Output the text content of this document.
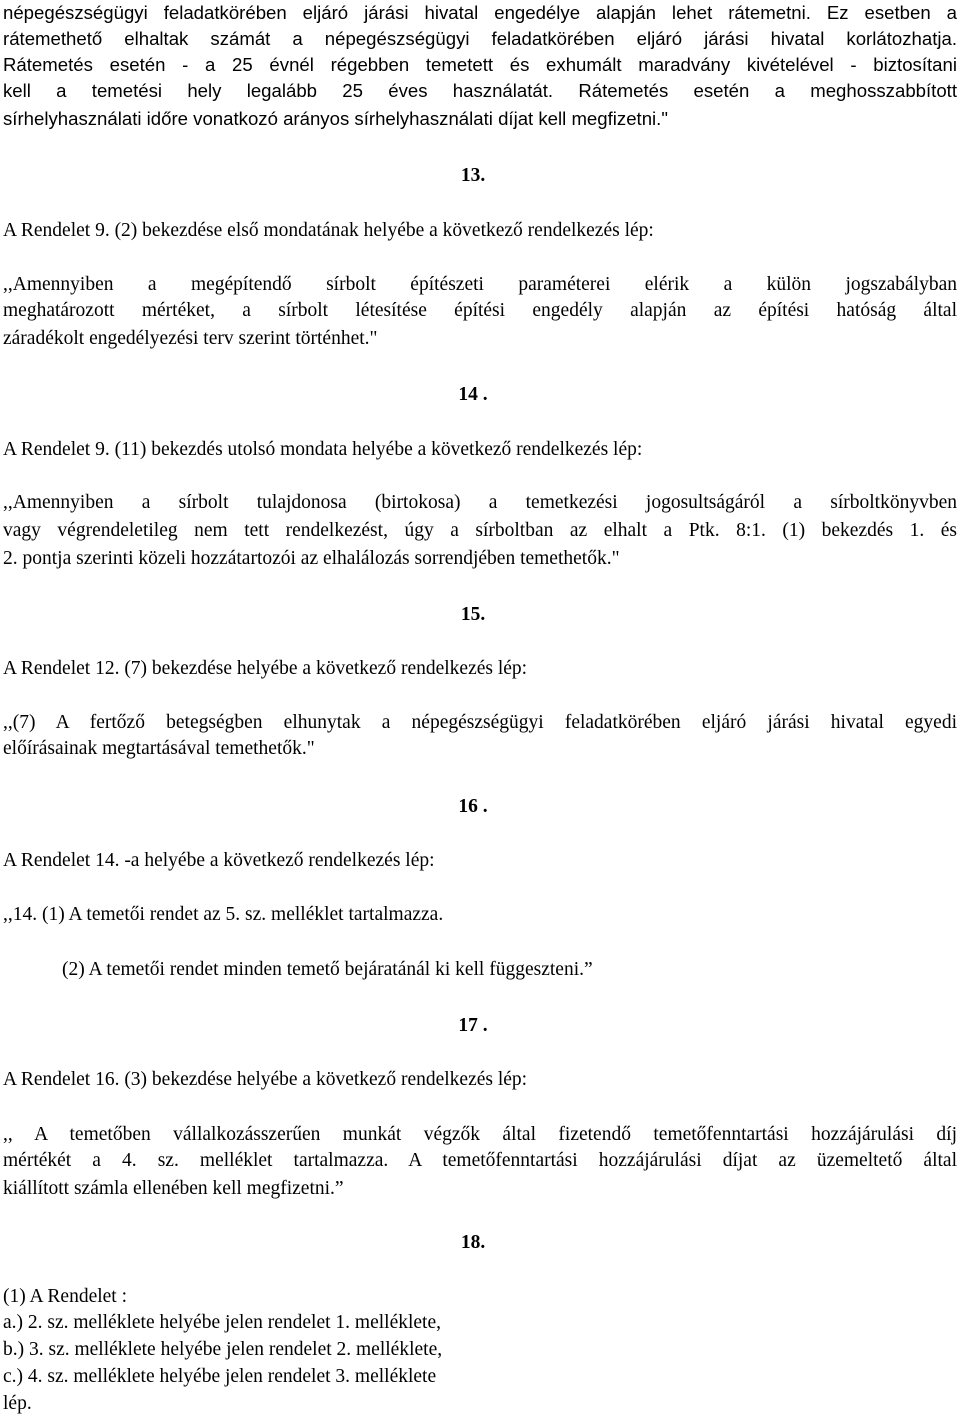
népegészségügyi feladatkörében eljáró járási hivatal engedélye alapján lehet rátemetni. Ez esetben a
rátemethető elhaltak számát a népegészségügyi feladatkörében eljáró járási hivatal korlátozhatja.
Rátemetés esetén - a 25 évnél régebben temetett és exhumált maradvány kivételével - biztosítani
kell a temetési hely legalább 25 éves használatát. Rátemetés esetén a meghosszabbított
sírhelyhasználati időre vonatkozó arányos sírhelyhasználati díjat kell megfizetni."
13.
A Rendelet 9. (2) bekezdése első mondatának helyébe a következő rendelkezés lép:
,,Amennyiben a megépítendő sírbolt építészeti paraméterei elérik a külön jogszabályban
meghatározott mértéket, a sírbolt létesítése építési engedély alapján az építési hatóság által
záradékolt engedélyezési terv szerint történhet."
14 .
A Rendelet 9. (11) bekezdés utolsó mondata helyébe a következő rendelkezés lép:
,,Amennyiben a sírbolt tulajdonosa (birtokosa) a temetkezési jogosultságáról a sírboltkönyvben
vagy végrendeletileg nem tett rendelkezést, úgy a sírboltban az elhalt a Ptk. 8:1. (1) bekezdés 1. és
2. pontja szerinti közeli hozzátartozói az elhalálozás sorrendjében temethetők."
15.
A Rendelet 12. (7) bekezdése helyébe a következő rendelkezés lép:
,,(7) A fertőző betegségben elhunytak a népegészségügyi feladatkörében eljáró járási hivatal egyedi
előírásainak megtartásával temethetők."
16 .
A Rendelet 14. -a helyébe a következő rendelkezés lép:
,,14. (1) A temetői rendet az 5. sz. melléklet tartalmazza.
(2) A temetői rendet minden temető bejáratánál ki kell függeszteni.”
17 .
A Rendelet 16. (3) bekezdése helyébe a következő rendelkezés lép:
,, A temetőben vállalkozásszerűen munkát végzők által fizetendő temetőfenntartási hozzájárulási díj
mértékét a 4. sz. melléklet tartalmazza. A temetőfenntartási hozzájárulási díjat az üzemeltető által
kiállított számla ellenében kell megfizetni.”
18.
(1) A Rendelet :
a.) 2. sz. melléklete helyébe jelen rendelet 1. melléklete,
b.) 3. sz. melléklete helyébe jelen rendelet 2. melléklete,
c.) 4. sz. melléklete helyébe jelen rendelet 3. melléklete
lép.
